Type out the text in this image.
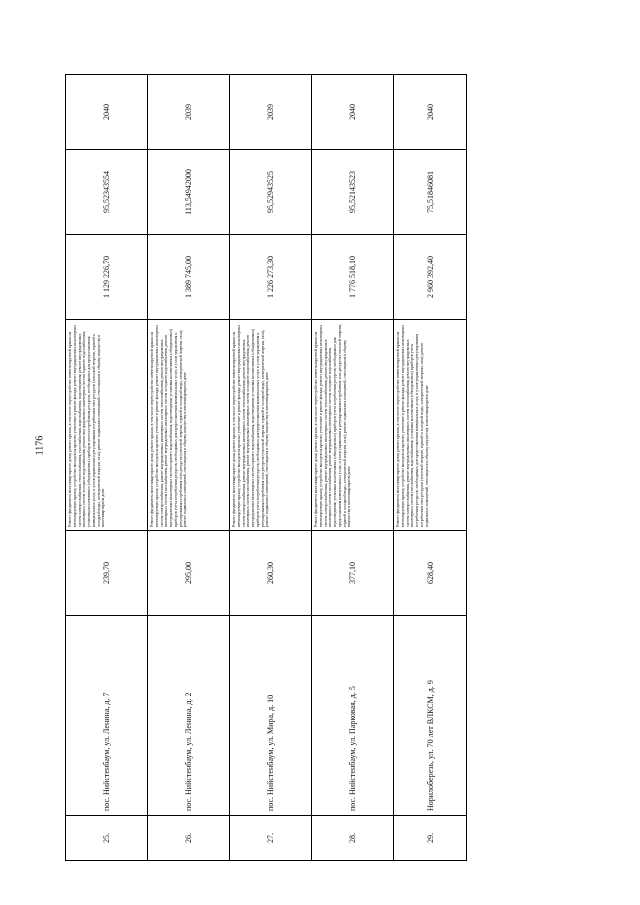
1176
25.	пос. Нийстенбаум, ул. Ленина, д. 7	239,70	Ремонт фундамента многоквартирного дома; ремонт крыши, в том числе переустройство невентилируемой крыши на вентилируемую крышу, устройство выходов на кровлю; утепление и ремонт фасада; ремонт внутридомовых инженерных систем электроснабжения, теплоснабжения, газоснабжения, водоснабжения, водоотведения; ремонт внутридомовых инженерных систем холодного водоснабжения, ремонт внутридомовых инженерных систем горячего водоснабжения; установка коллективных (общедомовых) приборов учета потребления ресурсов, необходимых для предоставления коммунальных услуг, и узлов управления и регулирования потребления этих ресурсов (тепловой энергии, горячей и холодной воды, электрической энергии, газа); ремонт подвальных помещений, относящихся к общему имуществу в многоквартирном доме	1 129 226,70	95,52343554	2040
26.	пос. Нийстенбаум, ул. Ленина, д. 2	295,00	Ремонт фундамента многоквартирного дома; ремонт крыши, в том числе переустройство невентилируемой крыши на вентилируемую крышу, устройство выходов на кровлю; утепление и ремонт фасада; ремонт внутридомовых инженерных систем электроснабжения, ремонт внутридомовых инженерных систем теплоснабжения, ремонт внутридомовых инженерных систем газоснабжения, ремонт внутридомовых инженерных систем холодного водоснабжения, ремонт внутридомовых инженерных систем горячего водоснабжения, водоотведения; установка коллективных (общедомовых) приборов учета потребления ресурсов, необходимых для предоставления коммунальных услуг, и узлов управления и регулирования потребления этих ресурсов (тепловой энергии, горячей и холодной воды, электрической энергии, газа); ремонт подвальных помещений, относящихся к общему имуществу в многоквартирном доме	1 389 745,00	113,54942000	2039
27.	пос. Нийстенбаум, ул. Мира, д. 10	260,30	Ремонт фундамента многоквартирного дома; ремонт крыши, в том числе переустройство невентилируемой крыши на вентилируемую крышу, устройство выходов на кровлю; утепление и ремонт фасада; ремонт внутридомовых инженерных систем электроснабжения, ремонт внутридомовых инженерных систем теплоснабжения, ремонт внутридомовых инженерных систем газоснабжения, ремонт внутридомовых инженерных систем холодного водоснабжения, ремонт внутридомовых инженерных систем горячего водоснабжения, водоотведения; установка коллективных (общедомовых) приборов учета потребления ресурсов, необходимых для предоставления коммунальных услуг, и узлов управления и регулирования потребления этих ресурсов (тепловой энергии, горячей и холодной воды, электрической энергии, газа); ремонт подвальных помещений, относящихся к общему имуществу в многоквартирном доме	1 226 273,30	95,52943525	2039
28.	пос. Нийстенбаум, ул. Парковая, д. 5	377,10	Ремонт фундамента многоквартирного дома; ремонт крыши, в том числе переустройство невентилируемой крыши на вентилируемую крышу, устройство выходов на кровлю; утепление и ремонт фасада; ремонт внутридомовых инженерных систем электроснабжения, ремонт внутридомовых инженерных систем теплоснабжения, ремонт внутридомовых инженерных систем газоснабжения, ремонт внутридомовых инженерных систем холодного водоснабжения, водоотведения; установка коллективных (общедомовых) приборов учета потребления ресурсов, необходимых для предоставления коммунальных услуг, и узлов управления и регулирования потребления этих ресурсов (тепловой энергии, горячей и холодной воды, электрической энергии, газа); ремонт подвальных помещений, относящихся к общему имуществу в многоквартирном доме	1 776 518,10	95,52143523	2040
29.	Норилоберезь, ул. 70 лет ВЛКСМ, д. 9	628,40	Ремонт фундамента многоквартирного дома; ремонт крыши, в том числе переустройство невентилируемой крыши на вентилируемую крышу, устройство выходов на кровлю; утепление и ремонт фасада; ремонт внутридомовых инженерных систем электроснабжения, ремонт внутридомовых инженерных систем теплоснабжения, ремонт внутридомовых инженерных систем газоснабжения, водоснабжения; установка коллективных (общедомовых) приборов учета потребления ресурсов, необходимых для предоставления коммунальных услуг, и узлов управления и регулирования потребления этих ресурсов (тепловой энергии, горячей и холодной воды, электрической энергии, газа); ремонт подвальных помещений, относящихся к общему имуществу в многоквартирном доме	2 960 392,40	75,51846081	2040
